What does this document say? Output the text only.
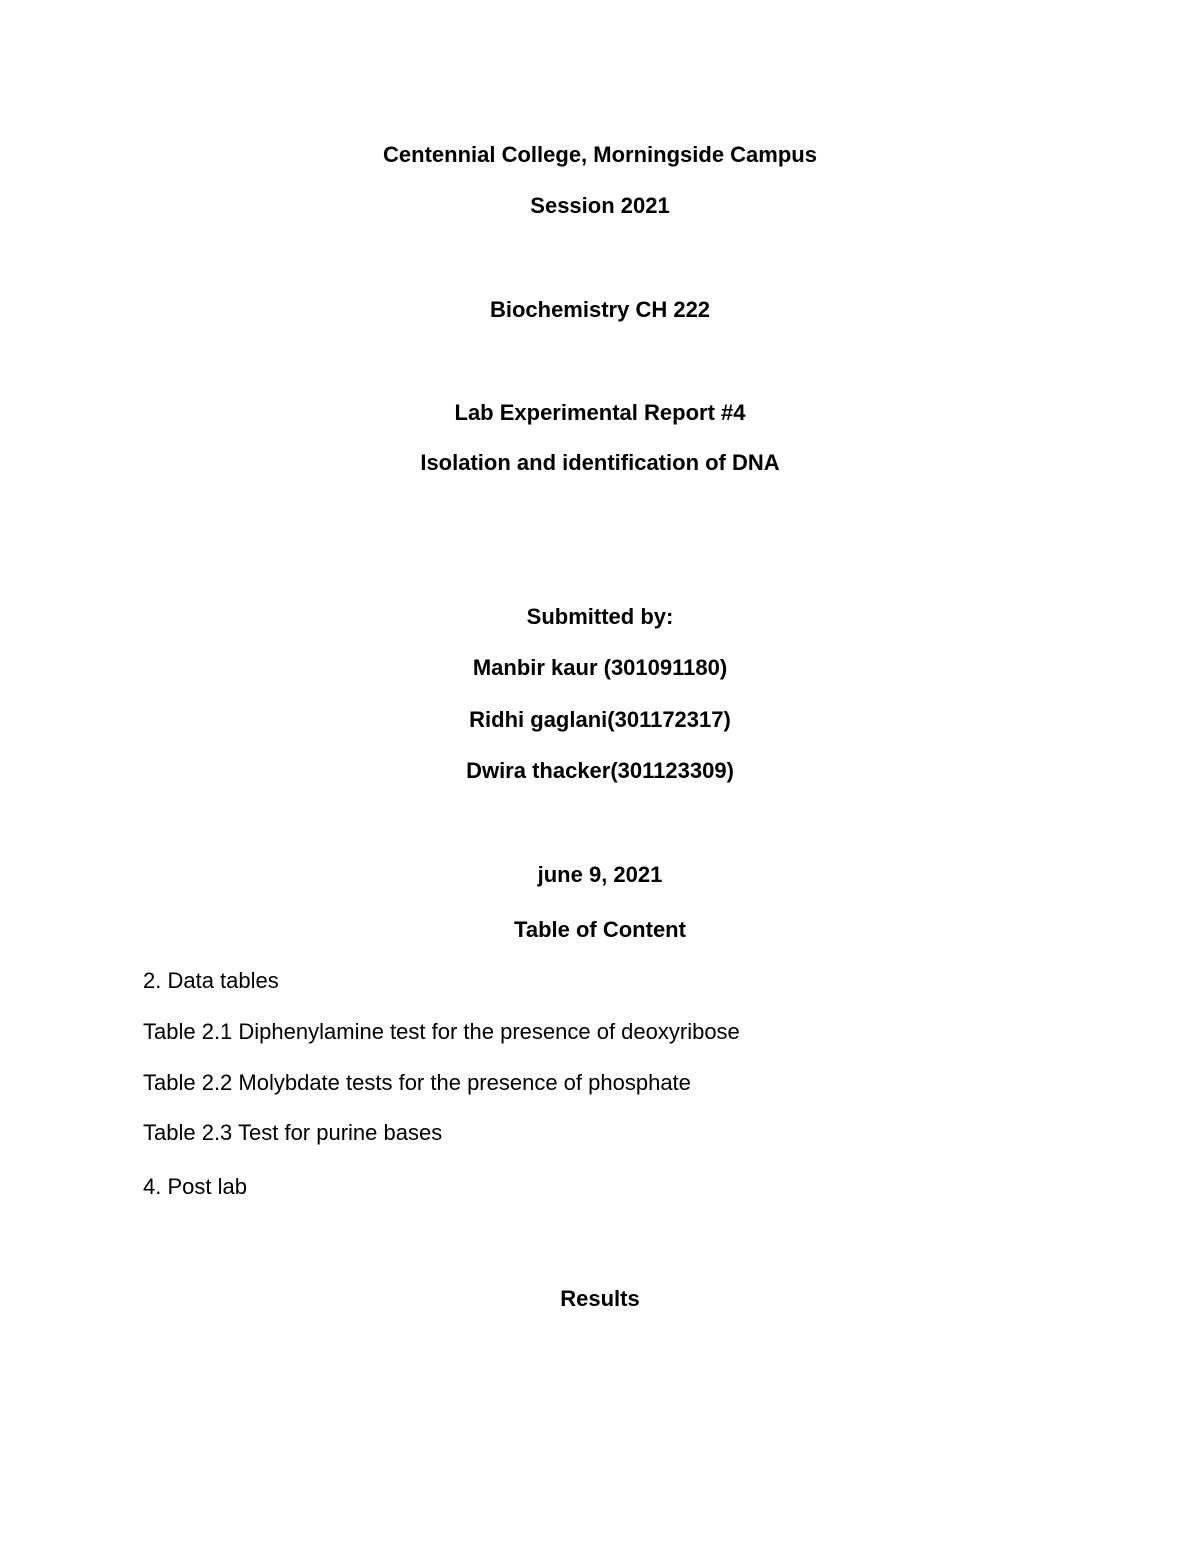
Centennial College, Morningside Campus
Session 2021
Biochemistry CH 222
Lab Experimental Report #4
Isolation and identification of DNA
Submitted by:
Manbir kaur (301091180)
Ridhi gaglani(301172317)
Dwira thacker(301123309)
june 9, 2021
Table of Content
2. Data tables
Table 2.1 Diphenylamine test for the presence of deoxyribose
Table 2.2 Molybdate tests for the presence of phosphate
Table 2.3 Test for purine bases
4. Post lab
Results
